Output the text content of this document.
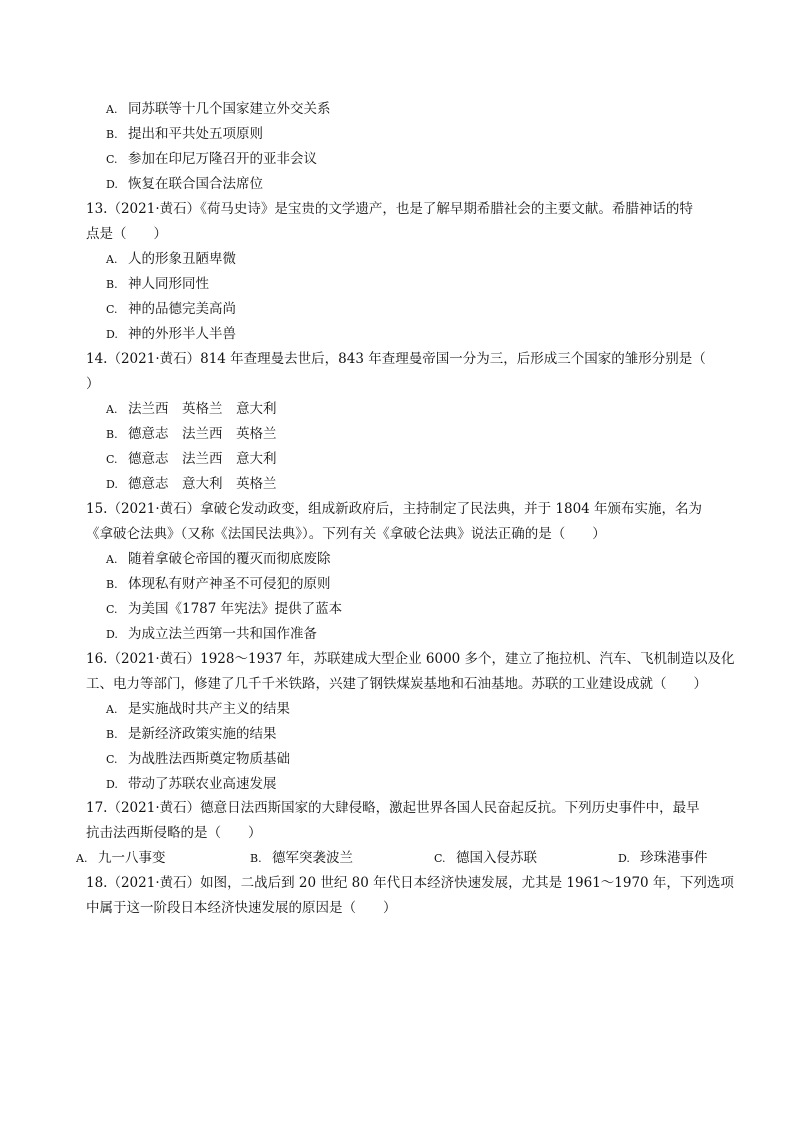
A. 同苏联等十几个国家建立外交关系
B. 提出和平共处五项原则
C. 参加在印尼万隆召开的亚非会议
D. 恢复在联合国合法席位
13.（2021·黄石）《荷马史诗》是宝贵的文学遗产，也是了解早期希腊社会的主要文献。希腊神话的特
点是（　　）
A. 人的形象丑陋卑微
B. 神人同形同性
C. 神的品德完美高尚
D. 神的外形半人半兽
14.（2021·黄石）814 年查理曼去世后，843 年查理曼帝国一分为三，后形成三个国家的雏形分别是（
）
A. 法兰西　英格兰　意大利
B. 德意志　法兰西　英格兰
C. 德意志　法兰西　意大利
D. 德意志　意大利　英格兰
15.（2021·黄石）拿破仑发动政变，组成新政府后，主持制定了民法典，并于 1804 年颁布实施，名为
《拿破仑法典》（又称《法国民法典》）。下列有关《拿破仑法典》说法正确的是（　　）
A. 随着拿破仑帝国的覆灭而彻底废除
B. 体现私有财产神圣不可侵犯的原则
C. 为美国《1787 年宪法》提供了蓝本
D. 为成立法兰西第一共和国作准备
16.（2021·黄石）1928～1937 年，苏联建成大型企业 6000 多个，建立了拖拉机、汽车、飞机制造以及化
工、电力等部门，修建了几千千米铁路，兴建了钢铁煤炭基地和石油基地。苏联的工业建设成就（　　）
A. 是实施战时共产主义的结果
B. 是新经济政策实施的结果
C. 为战胜法西斯奠定物质基础
D. 带动了苏联农业高速发展
17.（2021·黄石）德意日法西斯国家的大肆侵略，激起世界各国人民奋起反抗。下列历史事件中，最早
抗击法西斯侵略的是（　　）
A. 九一八事变	B. 德军突袭波兰	C. 德国入侵苏联	D. 珍珠港事件
18.（2021·黄石）如图，二战后到 20 世纪 80 年代日本经济快速发展，尤其是 1961～1970 年，下列选项
中属于这一阶段日本经济快速发展的原因是（　　）
